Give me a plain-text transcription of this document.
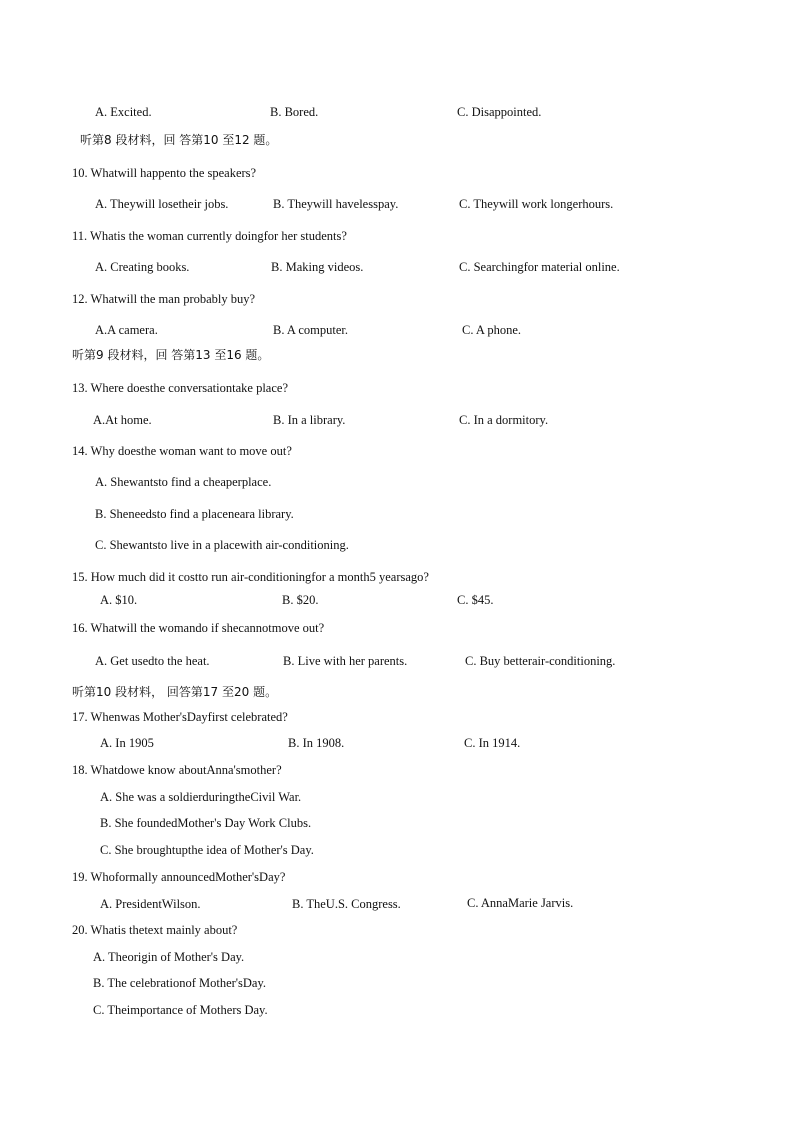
A. Excited.	B. Bored.	C. Disappointed.
听第8 段材料，回 答第10 至12 题。
10. Whatwill happento the speakers?
A. Theywill losetheir jobs.	B. Theywill havelesspay.	C. Theywill work longerhours.
11. Whatis the woman currently doingfor her students?
A. Creating books.	B. Making videos.	C. Searchingfor material online.
12. Whatwill the man probably buy?
A.A camera.	B. A computer.	C. A phone.
听第9 段材料，回 答第13 至16 题。
13. Where doesthe conversationtake place?
A.At home.	B. In a library.	C. In a dormitory.
14. Why doesthe woman want to move out?
A. Shewantsto find a cheaperplace.
B. Sheneedsto find a placeneara library.
C. Shewantsto live in a placewith air-conditioning.
15. How much did it costto run air-conditioningfor a month5 yearsago?
A. $10.	B. $20.	C. $45.
16. Whatwill the womando if shecannotmove out?
A. Get usedto the heat.	B. Live with her parents.	C. Buy betterair-conditioning.
听第10 段材料， 回答第17 至20 题。
17. Whenwas Mother'sDayfirst celebrated?
A. In 1905	B. In 1908.	C. In 1914.
18. Whatdowe know aboutAnna'smother?
A. She was a soldierduringtheCivil War.
B. She foundedMother's Day Work Clubs.
C. She broughtupthe idea of Mother's Day.
19. Whoformally announcedMother'sDay?
A. PresidentWilson.	B. TheU.S. Congress.	C. AnnaMarie Jarvis.
20. Whatis thetext mainly about?
A. Theorigin of Mother's Day.
B. The celebrationof Mother'sDay.
C. Theimportance of Mothers Day.
